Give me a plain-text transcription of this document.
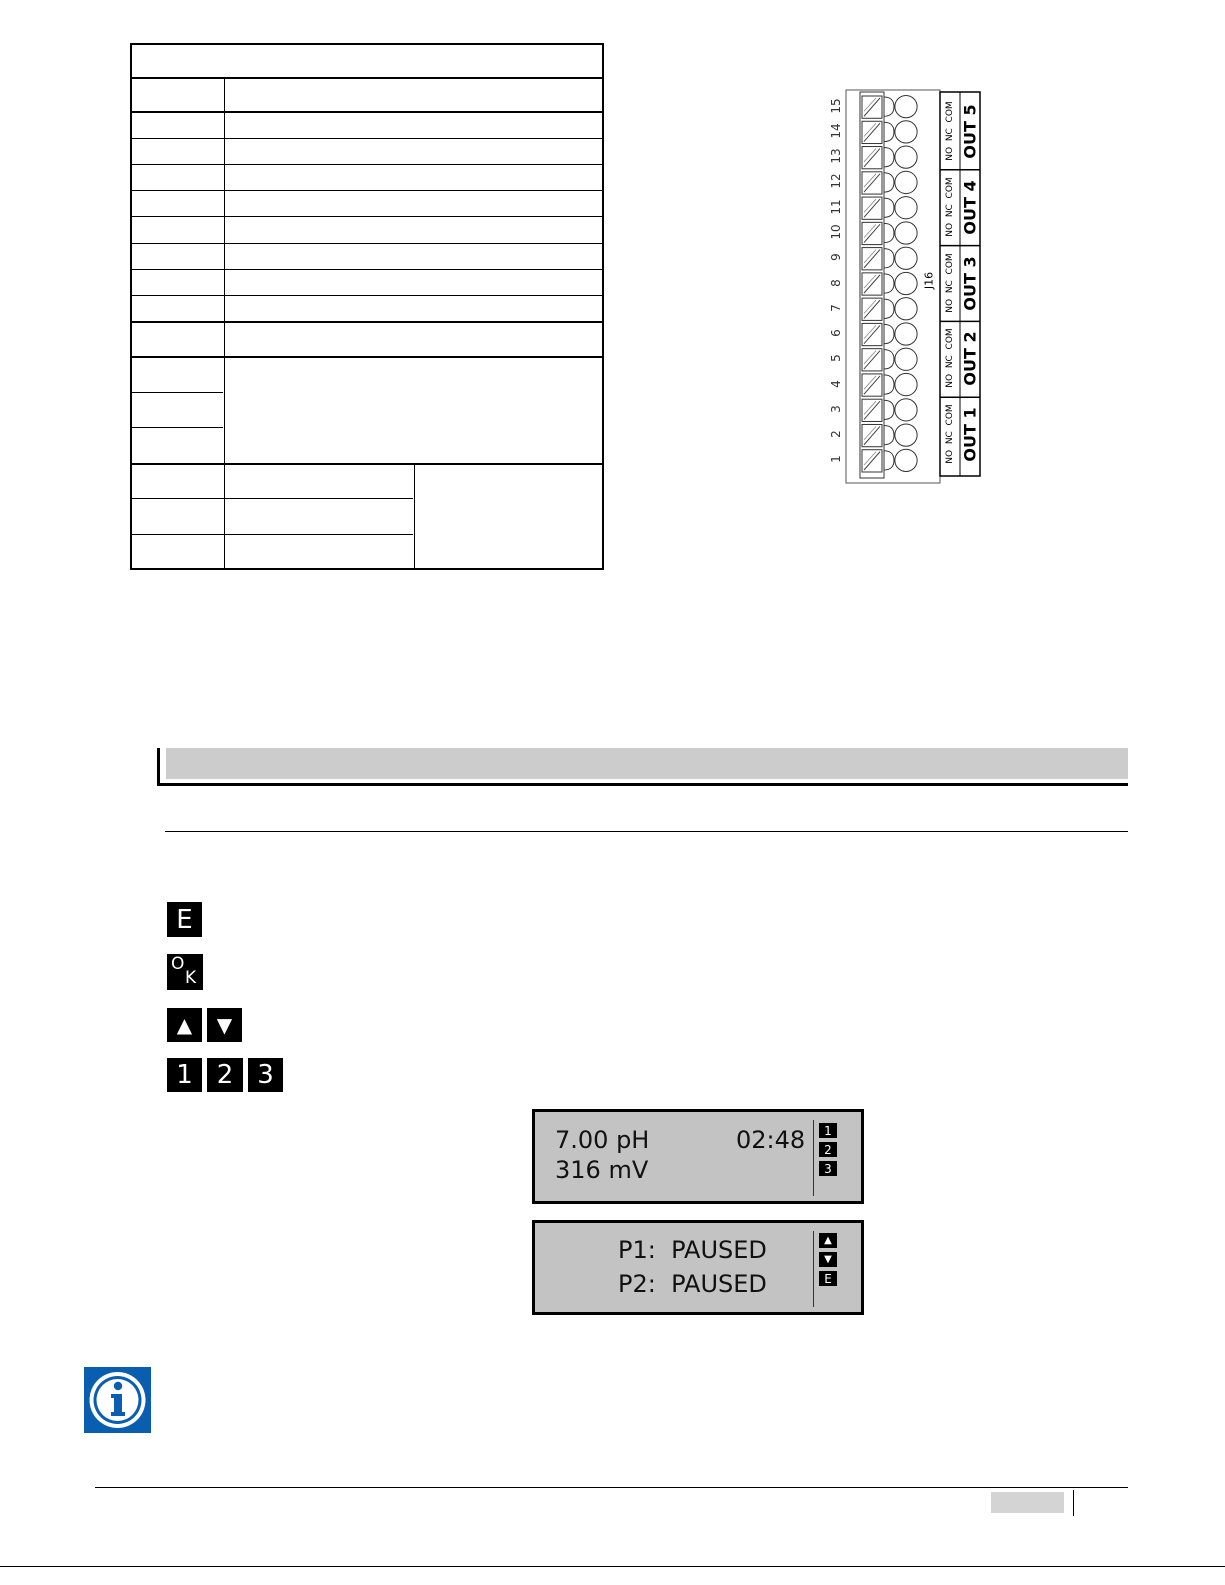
1
2
3
4
5
6
7
8
9
10
11
12
13
14
15
J16
OUT 1
NO  NC  COM
OUT 2
NO  NC  COM
OUT 3
NO  NC  COM
OUT 4
NO  NC  COM
OUT 5
NO  NC  COM
E
O
K
▲	▼
1 2 3
7.00 pH	02:48
316 mV
1
2
3
P1:  PAUSED
P2:  PAUSED
▲
▼
E
